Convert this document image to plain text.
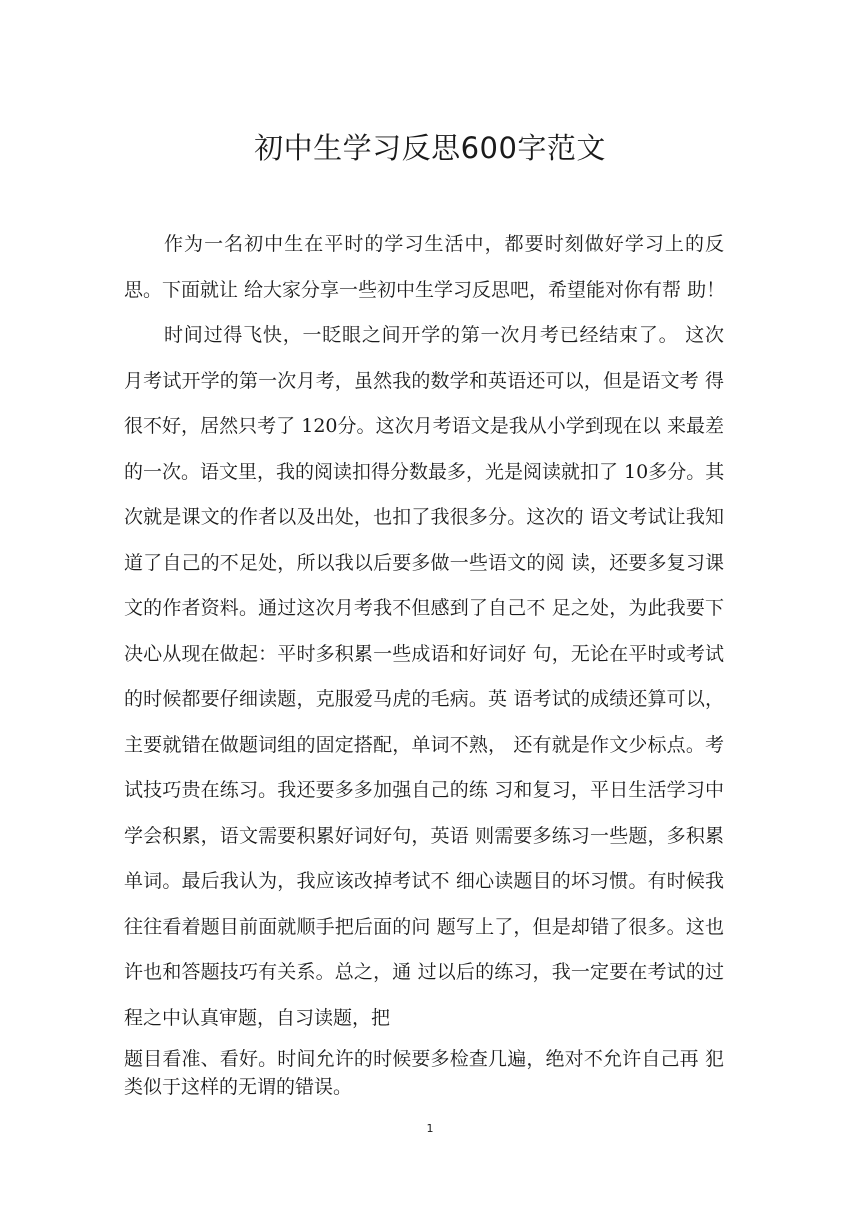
初中生学习反思600字范文
作为一名初中生在平时的学习生活中，都要时刻做好学习上的反
思。下面就让 给大家分享一些初中生学习反思吧，希望能对你有帮 助！
时间过得飞快，一眨眼之间开学的第一次月考已经结束了。 这次
月考试开学的第一次月考，虽然我的数学和英语还可以，但是语文考 得
很不好，居然只考了 120分。这次月考语文是我从小学到现在以 来最差
的一次。语文里，我的阅读扣得分数最多，光是阅读就扣了 10多分。其
次就是课文的作者以及出处，也扣了我很多分。这次的 语文考试让我知
道了自己的不足处，所以我以后要多做一些语文的阅 读，还要多复习课
文的作者资料。通过这次月考我不但感到了自己不 足之处，为此我要下
决心从现在做起：平时多积累一些成语和好词好 句，无论在平时或考试
的时候都要仔细读题，克服爱马虎的毛病。英 语考试的成绩还算可以，
主要就错在做题词组的固定搭配，单词不熟， 还有就是作文少标点。考
试技巧贵在练习。我还要多多加强自己的练 习和复习，平日生活学习中
学会积累，语文需要积累好词好句，英语 则需要多练习一些题，多积累
单词。最后我认为，我应该改掉考试不 细心读题目的坏习惯。有时候我
往往看着题目前面就顺手把后面的问 题写上了，但是却错了很多。这也
许也和答题技巧有关系。总之，通 过以后的练习，我一定要在考试的过
程之中认真审题，自习读题，把
题目看准、看好。时间允许的时候要多检查几遍，绝对不允许自己再 犯
类似于这样的无谓的错误。
1
